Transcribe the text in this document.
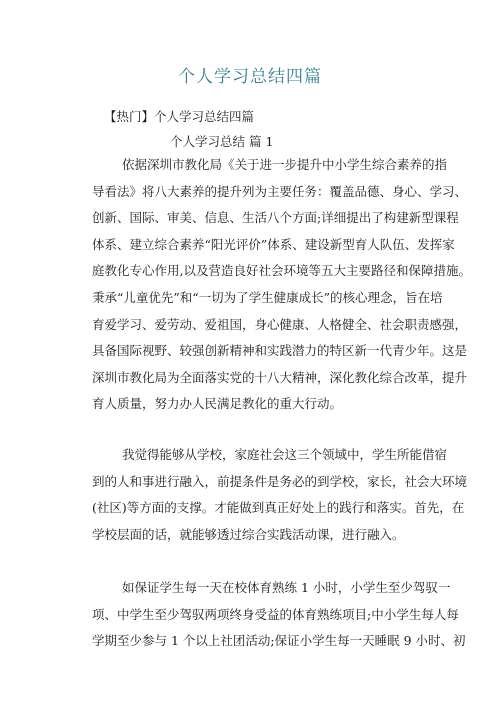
个人学习总结四篇
【热门】个人学习总结四篇
个人学习总结 篇 1
依据深圳市教化局《关于进一步提升中小学生综合素养的指
导看法》将八大素养的提升列为主要任务：覆盖品德、身心、学习、
创新、国际、审美、信息、生活八个方面;详细提出了构建新型课程
体系、建立综合素养“阳光评价”体系、建设新型育人队伍、发挥家
庭教化专心作用,以及营造良好社会环境等五大主要路径和保障措施。
秉承“儿童优先”和“一切为了学生健康成长”的核心理念，旨在培
育爱学习、爱劳动、爱祖国，身心健康、人格健全、社会职责感强，
具备国际视野、较强创新精神和实践潜力的特区新一代青少年。这是
深圳市教化局为全面落实党的十八大精神，深化教化综合改革，提升
育人质量，努力办人民满足教化的重大行动。
我觉得能够从学校，家庭社会这三个领域中，学生所能借宿
到的人和事进行融入，前提条件是务必的到学校，家长，社会大环境
(社区)等方面的支撑。才能做到真正好处上的践行和落实。首先，在
学校层面的话，就能够透过综合实践活动课，进行融入。
如保证学生每一天在校体育熟练 1 小时，小学生至少驾驭一
项、中学生至少驾驭两项终身受益的体育熟练项目;中小学生每人每
学期至少参与 1 个以上社团活动;保证小学生每一天睡眠 9 小时、初
